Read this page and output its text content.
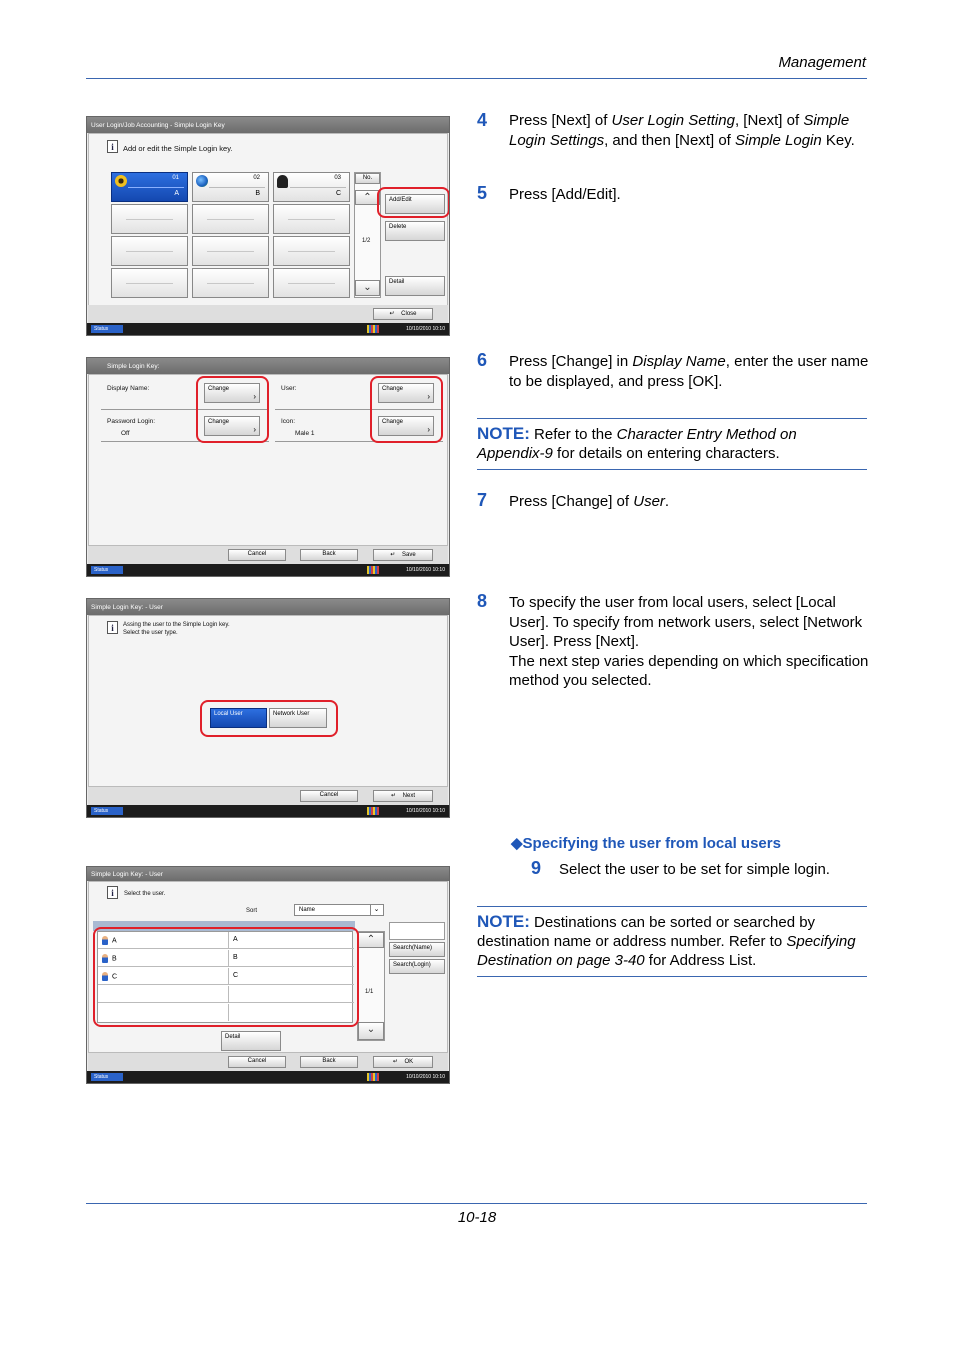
Management
10-18
User Login/Job Accounting - Simple Login Key
i	Add or edit the Simple Login key.
01
A
02
B
03
C
No.
⌃
1/2
⌄
Add/Edit
Delete
Detail
↵    Close
Status	10/10/2010 10:10
Simple Login Key:
Display Name:	User:
Password Login:
Off
Icon:
Male 1
Change
›
Change
›
Change
›
Change
›
Cancel	Back	↵    Save
Status	10/10/2010 10:10
Simple Login Key: - User
i	Assing the user to the Simple Login key.
Select the user type.
Local User	Network User
Cancel	↵    Next
Status	10/10/2010 10:10
Simple Login Key: - User
i	Select the user.
Sort	Name	⌄
A	A
B	B
C	C
⌃
1/1
⌄
Search(Name)
Search(Login)
Detail
Cancel	Back	↵    OK
Status	10/10/2010 10:10
4 Press [Next] of User Login Setting, [Next] of Simple Login Settings, and then [Next] of Simple Login Key.
5 Press [Add/Edit].
6 Press [Change] in Display Name, enter the user name to be displayed, and press [OK].
NOTE: Refer to the Character Entry Method on Appendix-9 for details on entering characters.
7 Press [Change] of User.
8 To specify the user from local users, select [Local User]. To specify from network users, select [Network User]. Press [Next].
The next step varies depending on which specification method you selected.
◆Specifying the user from local users
9 Select the user to be set for simple login.
NOTE: Destinations can be sorted or searched by destination name or address number. Refer to Specifying Destination on page 3-40 for Address List.
